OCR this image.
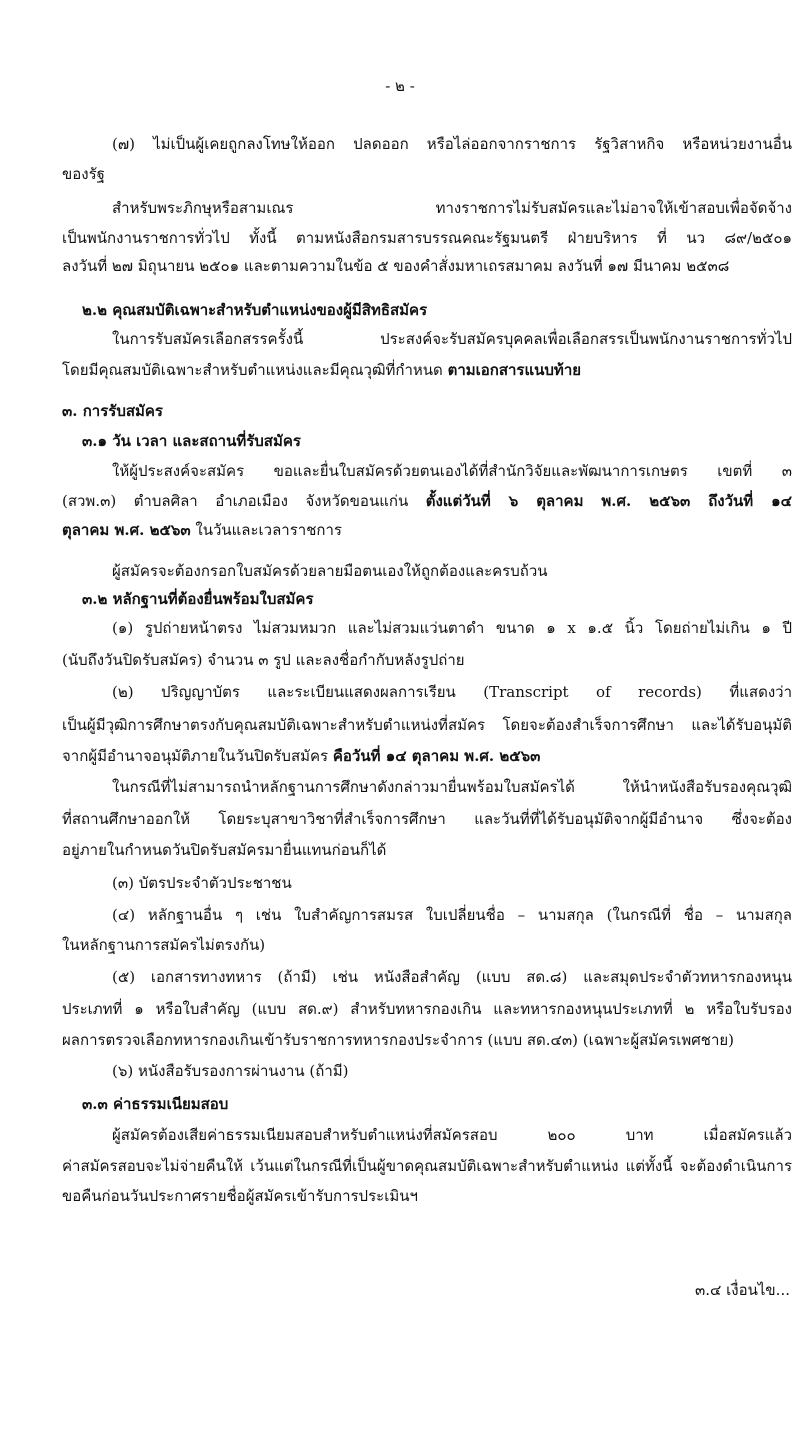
- ๒ -
(๗) ไม่เป็นผู้เคยถูกลงโทษให้ออก ปลดออก หรือไล่ออกจากราชการ รัฐวิสาหกิจ หรือหน่วยงานอื่น
ของรัฐ
สำหรับพระภิกษุหรือสามเณร ทางราชการไม่รับสมัครและไม่อาจให้เข้าสอบเพื่อจัดจ้าง
เป็นพนักงานราชการทั่วไป ทั้งนี้ ตามหนังสือกรมสารบรรณคณะรัฐมนตรี ฝ่ายบริหาร ที่ นว ๘๙/๒๕๐๑
ลงวันที่ ๒๗ มิถุนายน ๒๕๐๑ และตามความในข้อ ๕ ของคำสั่งมหาเถรสมาคม ลงวันที่ ๑๗ มีนาคม ๒๕๓๘
๒.๒ คุณสมบัติเฉพาะสำหรับตำแหน่งของผู้มีสิทธิสมัคร
ในการรับสมัครเลือกสรรครั้งนี้ ประสงค์จะรับสมัครบุคคลเพื่อเลือกสรรเป็นพนักงานราชการทั่วไป
โดยมีคุณสมบัติเฉพาะสำหรับตำแหน่งและมีคุณวุฒิที่กำหนด ตามเอกสารแนบท้าย
๓. การรับสมัคร
๓.๑ วัน เวลา และสถานที่รับสมัคร
ให้ผู้ประสงค์จะสมัคร ขอและยื่นใบสมัครด้วยตนเองได้ที่สำนักวิจัยและพัฒนาการเกษตร เขตที่ ๓
(สวพ.๓) ตำบลศิลา อำเภอเมือง จังหวัดขอนแก่น ตั้งแต่วันที่ ๖ ตุลาคม พ.ศ. ๒๕๖๓ ถึงวันที่ ๑๔
ตุลาคม พ.ศ. ๒๕๖๓ ในวันและเวลาราชการ
ผู้สมัครจะต้องกรอกใบสมัครด้วยลายมือตนเองให้ถูกต้องและครบถ้วน
๓.๒ หลักฐานที่ต้องยื่นพร้อมใบสมัคร
(๑) รูปถ่ายหน้าตรง ไม่สวมหมวก และไม่สวมแว่นตาดำ ขนาด ๑ x ๑.๕ นิ้ว โดยถ่ายไม่เกิน ๑ ปี
(นับถึงวันปิดรับสมัคร) จำนวน ๓ รูป และลงชื่อกำกับหลังรูปถ่าย
(๒) ปริญญาบัตร และระเบียนแสดงผลการเรียน (Transcript of records) ที่แสดงว่า
เป็นผู้มีวุฒิการศึกษาตรงกับคุณสมบัติเฉพาะสำหรับตำแหน่งที่สมัคร โดยจะต้องสำเร็จการศึกษา และได้รับอนุมัติ
จากผู้มีอำนาจอนุมัติภายในวันปิดรับสมัคร คือวันที่ ๑๔ ตุลาคม พ.ศ. ๒๕๖๓
ในกรณีที่ไม่สามารถนำหลักฐานการศึกษาดังกล่าวมายื่นพร้อมใบสมัครได้ ให้นำหนังสือรับรองคุณวุฒิ
ที่สถานศึกษาออกให้ โดยระบุสาขาวิชาที่สำเร็จการศึกษา และวันที่ที่ได้รับอนุมัติจากผู้มีอำนาจ ซึ่งจะต้อง
อยู่ภายในกำหนดวันปิดรับสมัครมายื่นแทนก่อนก็ได้
(๓) บัตรประจำตัวประชาชน
(๔) หลักฐานอื่น ๆ เช่น ใบสำคัญการสมรส ใบเปลี่ยนชื่อ – นามสกุล (ในกรณีที่ ชื่อ – นามสกุล
ในหลักฐานการสมัครไม่ตรงกัน)
(๕) เอกสารทางทหาร (ถ้ามี) เช่น หนังสือสำคัญ (แบบ สด.๘) และสมุดประจำตัวทหารกองหนุน
ประเภทที่ ๑ หรือใบสำคัญ (แบบ สด.๙) สำหรับทหารกองเกิน และทหารกองหนุนประเภทที่ ๒ หรือใบรับรอง
ผลการตรวจเลือกทหารกองเกินเข้ารับราชการทหารกองประจำการ (แบบ สด.๔๓) (เฉพาะผู้สมัครเพศชาย)
(๖) หนังสือรับรองการผ่านงาน (ถ้ามี)
๓.๓ ค่าธรรมเนียมสอบ
ผู้สมัครต้องเสียค่าธรรมเนียมสอบสำหรับตำแหน่งที่สมัครสอบ ๒๐๐ บาท เมื่อสมัครแล้ว
ค่าสมัครสอบจะไม่จ่ายคืนให้ เว้นแต่ในกรณีที่เป็นผู้ขาดคุณสมบัติเฉพาะสำหรับตำแหน่ง แต่ทั้งนี้ จะต้องดำเนินการ
ขอคืนก่อนวันประกาศรายชื่อผู้สมัครเข้ารับการประเมินฯ
๓.๔ เงื่อนไข...
